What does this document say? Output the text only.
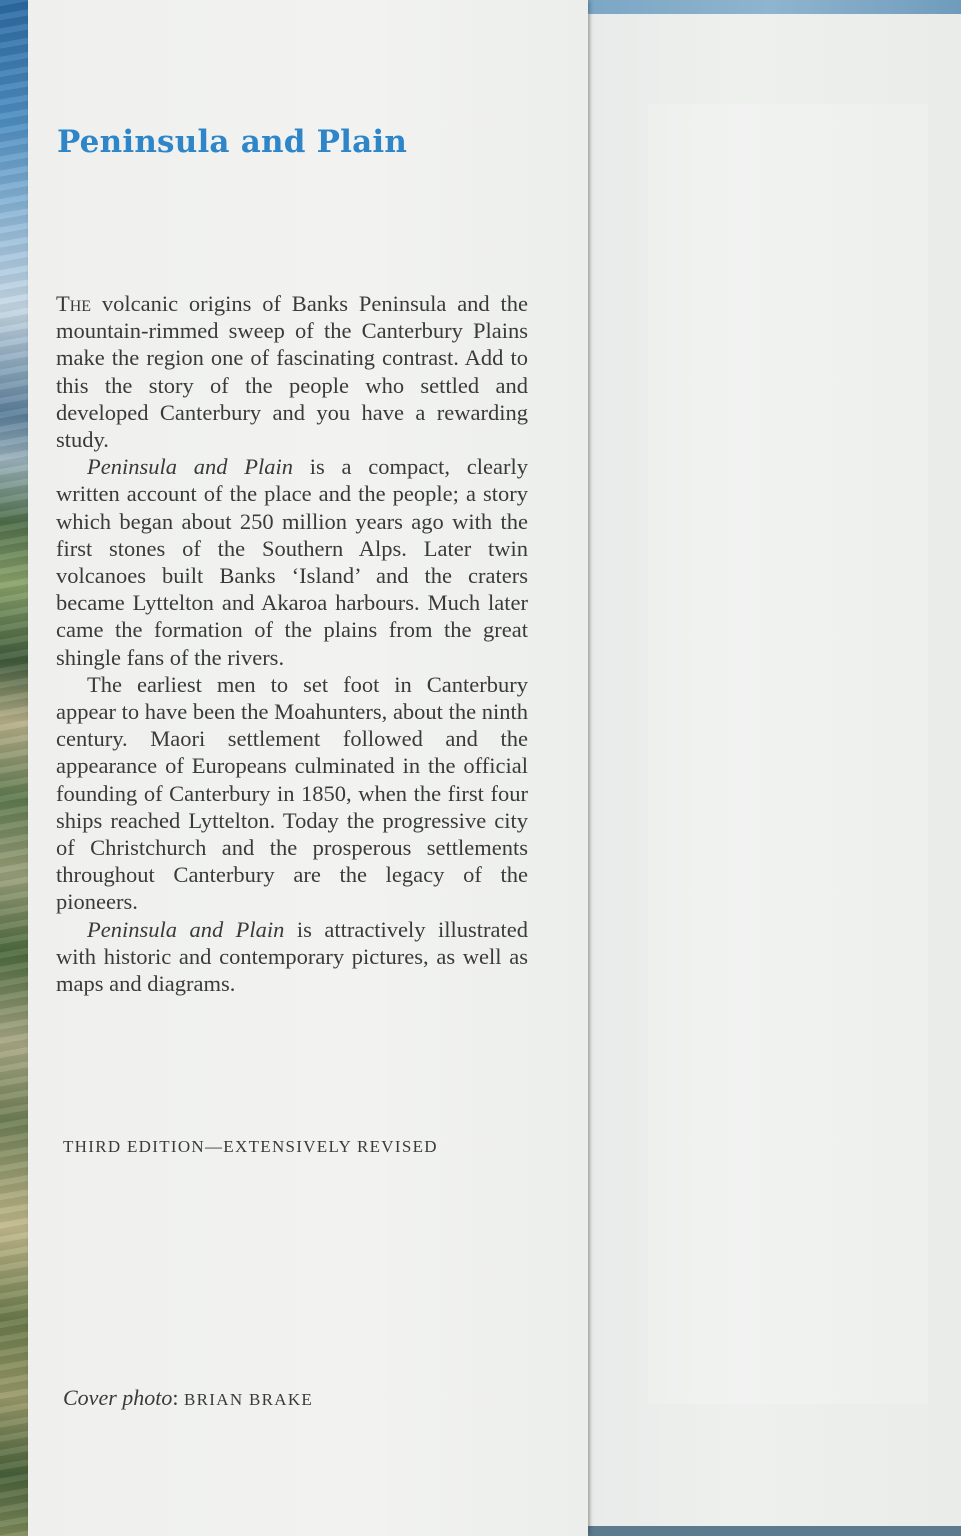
Peninsula and Plain

The volcanic origins of Banks Peninsula and the mountain-rimmed sweep of the Canterbury Plains make the region one of fascinating contrast. Add to this the story of the people who settled and developed Canterbury and you have a rewarding study.

Peninsula and Plain is a compact, clearly written account of the place and the people; a story which began about 250 million years ago with the first stones of the Southern Alps. Later twin volcanoes built Banks ‘Island’ and the craters became Lyttelton and Akaroa harbours. Much later came the formation of the plains from the great shingle fans of the rivers.

The earliest men to set foot in Canterbury appear to have been the Moahunters, about the ninth century. Maori settlement followed and the appearance of Europeans culminated in the official founding of Canterbury in 1850, when the first four ships reached Lyttelton. Today the progressive city of Christchurch and the prosperous settlements throughout Canterbury are the legacy of the pioneers.

Peninsula and Plain is attractively illustrated with historic and contemporary pictures, as well as maps and diagrams.

THIRD EDITION—EXTENSIVELY REVISED
Cover photo: BRIAN BRAKE
